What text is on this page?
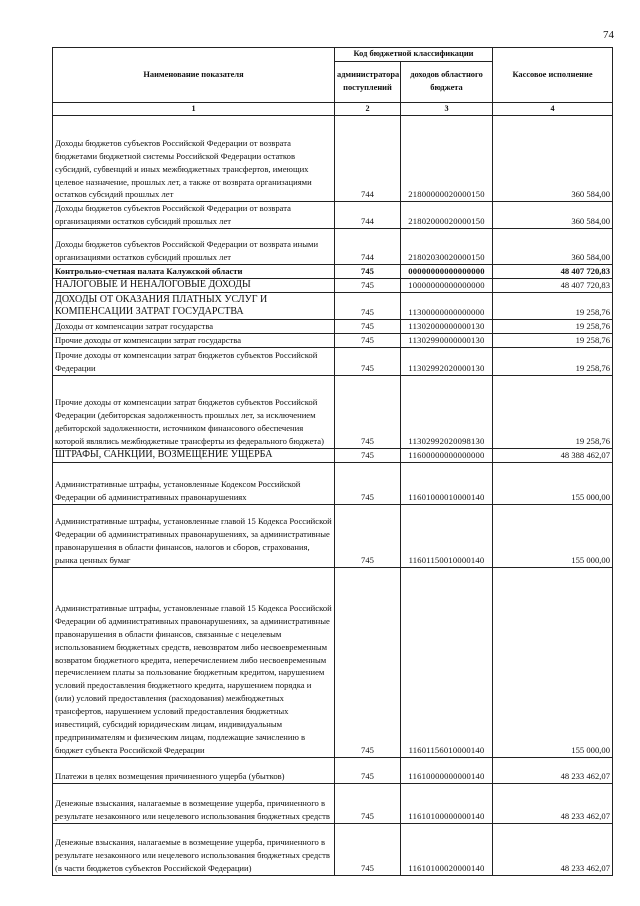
74
Наименование показателя	Код бюджетной классификации		Кассовое исполнение
	администратора поступлений	доходов областного бюджета	
1	2	3	4
Доходы бюджетов субъектов Российской Федерации от возврата бюджетами бюджетной системы Российской Федерации остатков субсидий, субвенций и иных межбюджетных трансфертов, имеющих целевое назначение, прошлых лет, а также от возврата организациями остатков субсидий прошлых лет	744	21800000020000150	360 584,00
Доходы бюджетов субъектов Российской Федерации от возврата организациями остатков субсидий прошлых лет	744	21802000020000150	360 584,00
Доходы бюджетов субъектов Российской Федерации от возврата иными организациями остатков субсидий прошлых лет	744	21802030020000150	360 584,00
Контрольно-счетная палата Калужской области	745	00000000000000000	48 407 720,83
НАЛОГОВЫЕ И НЕНАЛОГОВЫЕ ДОХОДЫ	745	10000000000000000	48 407 720,83
ДОХОДЫ ОТ ОКАЗАНИЯ ПЛАТНЫХ УСЛУГ И КОМПЕНСАЦИИ ЗАТРАТ ГОСУДАРСТВА	745	11300000000000000	19 258,76
Доходы от компенсации затрат государства	745	11302000000000130	19 258,76
Прочие доходы от компенсации затрат государства	745	11302990000000130	19 258,76
Прочие доходы от компенсации затрат бюджетов субъектов Российской Федерации	745	11302992020000130	19 258,76
Прочие доходы от компенсации затрат бюджетов субъектов Российской Федерации (дебиторская задолженность прошлых лет, за исключением дебиторской задолженности, источником финансового обеспечения которой являлись межбюджетные трансферты из федерального бюджета)	745	11302992020098130	19 258,76
ШТРАФЫ, САНКЦИИ, ВОЗМЕЩЕНИЕ УЩЕРБА	745	11600000000000000	48 388 462,07
Административные штрафы, установленные Кодексом Российской Федерации об административных правонарушениях	745	11601000010000140	155 000,00
Административные штрафы, установленные главой 15 Кодекса Российской Федерации об административных правонарушениях, за административные правонарушения в области финансов, налогов и сборов, страхования, рынка ценных бумаг	745	11601150010000140	155 000,00
Административные штрафы, установленные главой 15 Кодекса Российской Федерации об административных правонарушениях, за административные правонарушения в области финансов, связанные с нецелевым использованием бюджетных средств, невозвратом либо несвоевременным возвратом бюджетного кредита, неперечислением либо несвоевременным перечислением платы за пользование бюджетным кредитом, нарушением условий предоставления бюджетного кредита, нарушением порядка и (или) условий предоставления (расходования) межбюджетных трансфертов, нарушением условий предоставления бюджетных инвестиций, субсидий юридическим лицам, индивидуальным предпринимателям и физическим лицам, подлежащие зачислению в бюджет субъекта Российской Федерации	745	11601156010000140	155 000,00
Платежи в целях возмещения причиненного ущерба (убытков)	745	11610000000000140	48 233 462,07
Денежные взыскания, налагаемые в возмещение ущерба, причиненного в результате незаконного или нецелевого использования бюджетных средств	745	11610100000000140	48 233 462,07
Денежные взыскания, налагаемые в возмещение ущерба, причиненного в результате незаконного или нецелевого использования бюджетных средств (в части бюджетов субъектов Российской Федерации)	745	11610100020000140	48 233 462,07
